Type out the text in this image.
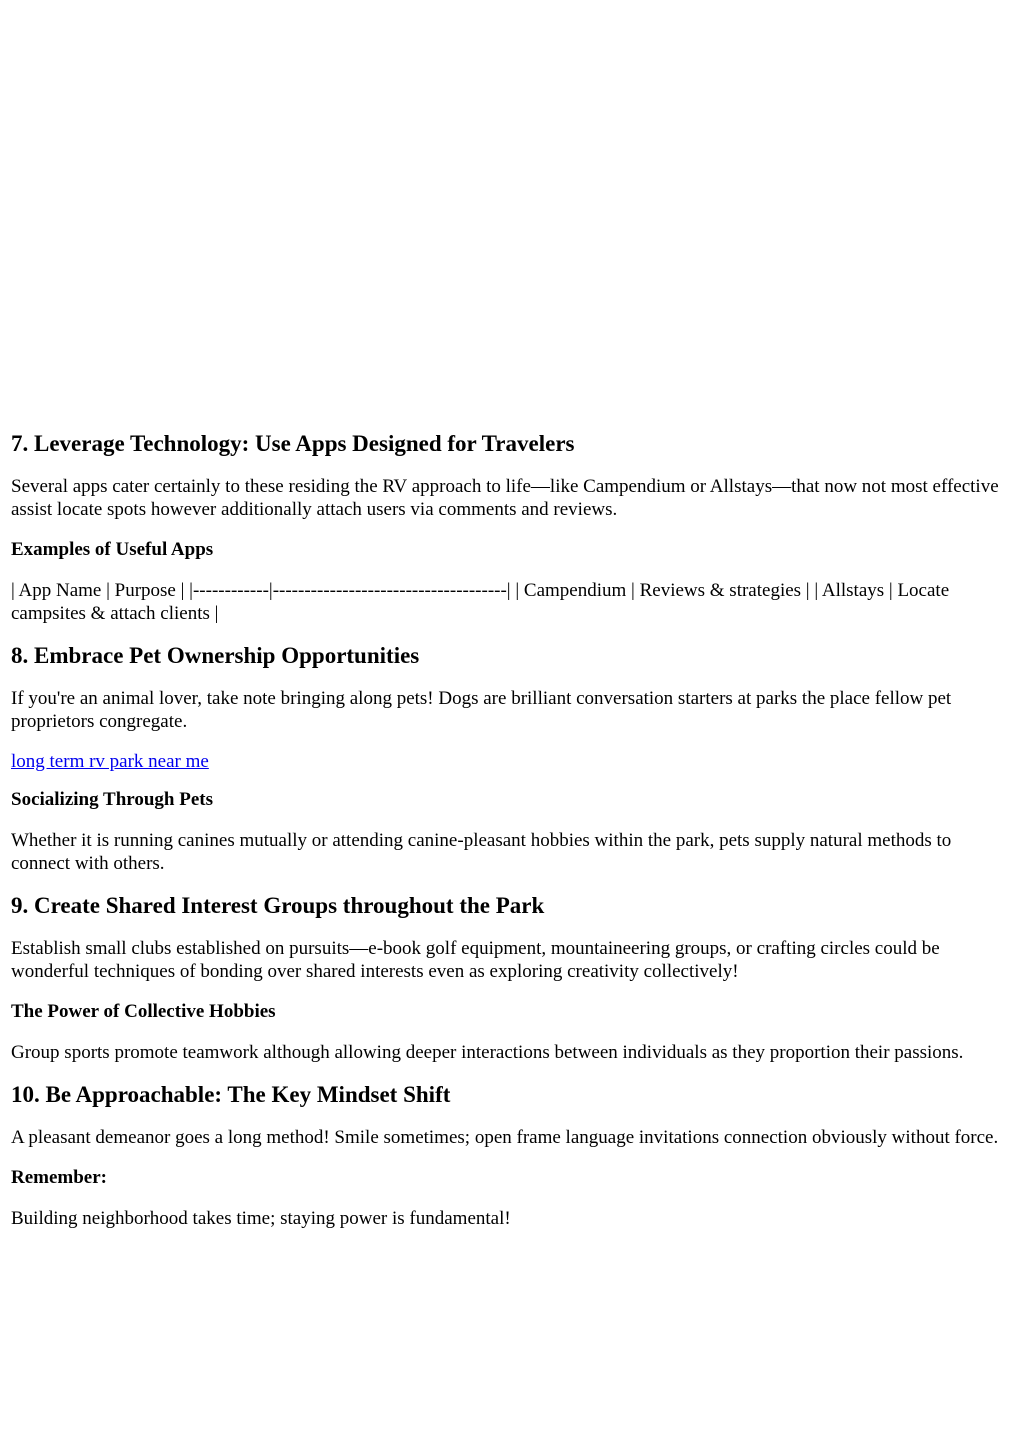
7. Leverage Technology: Use Apps Designed for Travelers

Several apps cater certainly to these residing the RV approach to life—like Campendium or Allstays—that now not most effective assist locate spots however additionally attach users via comments and reviews.

Examples of Useful Apps

| App Name | Purpose | |------------|-------------------------------------| | Campendium | Reviews & strategies | | Allstays | Locate campsites & attach clients |

8. Embrace Pet Ownership Opportunities

If you're an animal lover, take note bringing along pets! Dogs are brilliant conversation starters at parks the place fellow pet proprietors congregate.

long term rv park near me

Socializing Through Pets

Whether it is running canines mutually or attending canine-pleasant hobbies within the park, pets supply natural methods to connect with others.

9. Create Shared Interest Groups throughout the Park

Establish small clubs established on pursuits—e-book golf equipment, mountaineering groups, or crafting circles could be wonderful techniques of bonding over shared interests even as exploring creativity collectively!

The Power of Collective Hobbies

Group sports promote teamwork although allowing deeper interactions between individuals as they proportion their passions.

10. Be Approachable: The Key Mindset Shift

A pleasant demeanor goes a long method! Smile sometimes; open frame language invitations connection obviously without force.

Remember:

Building neighborhood takes time; staying power is fundamental!
